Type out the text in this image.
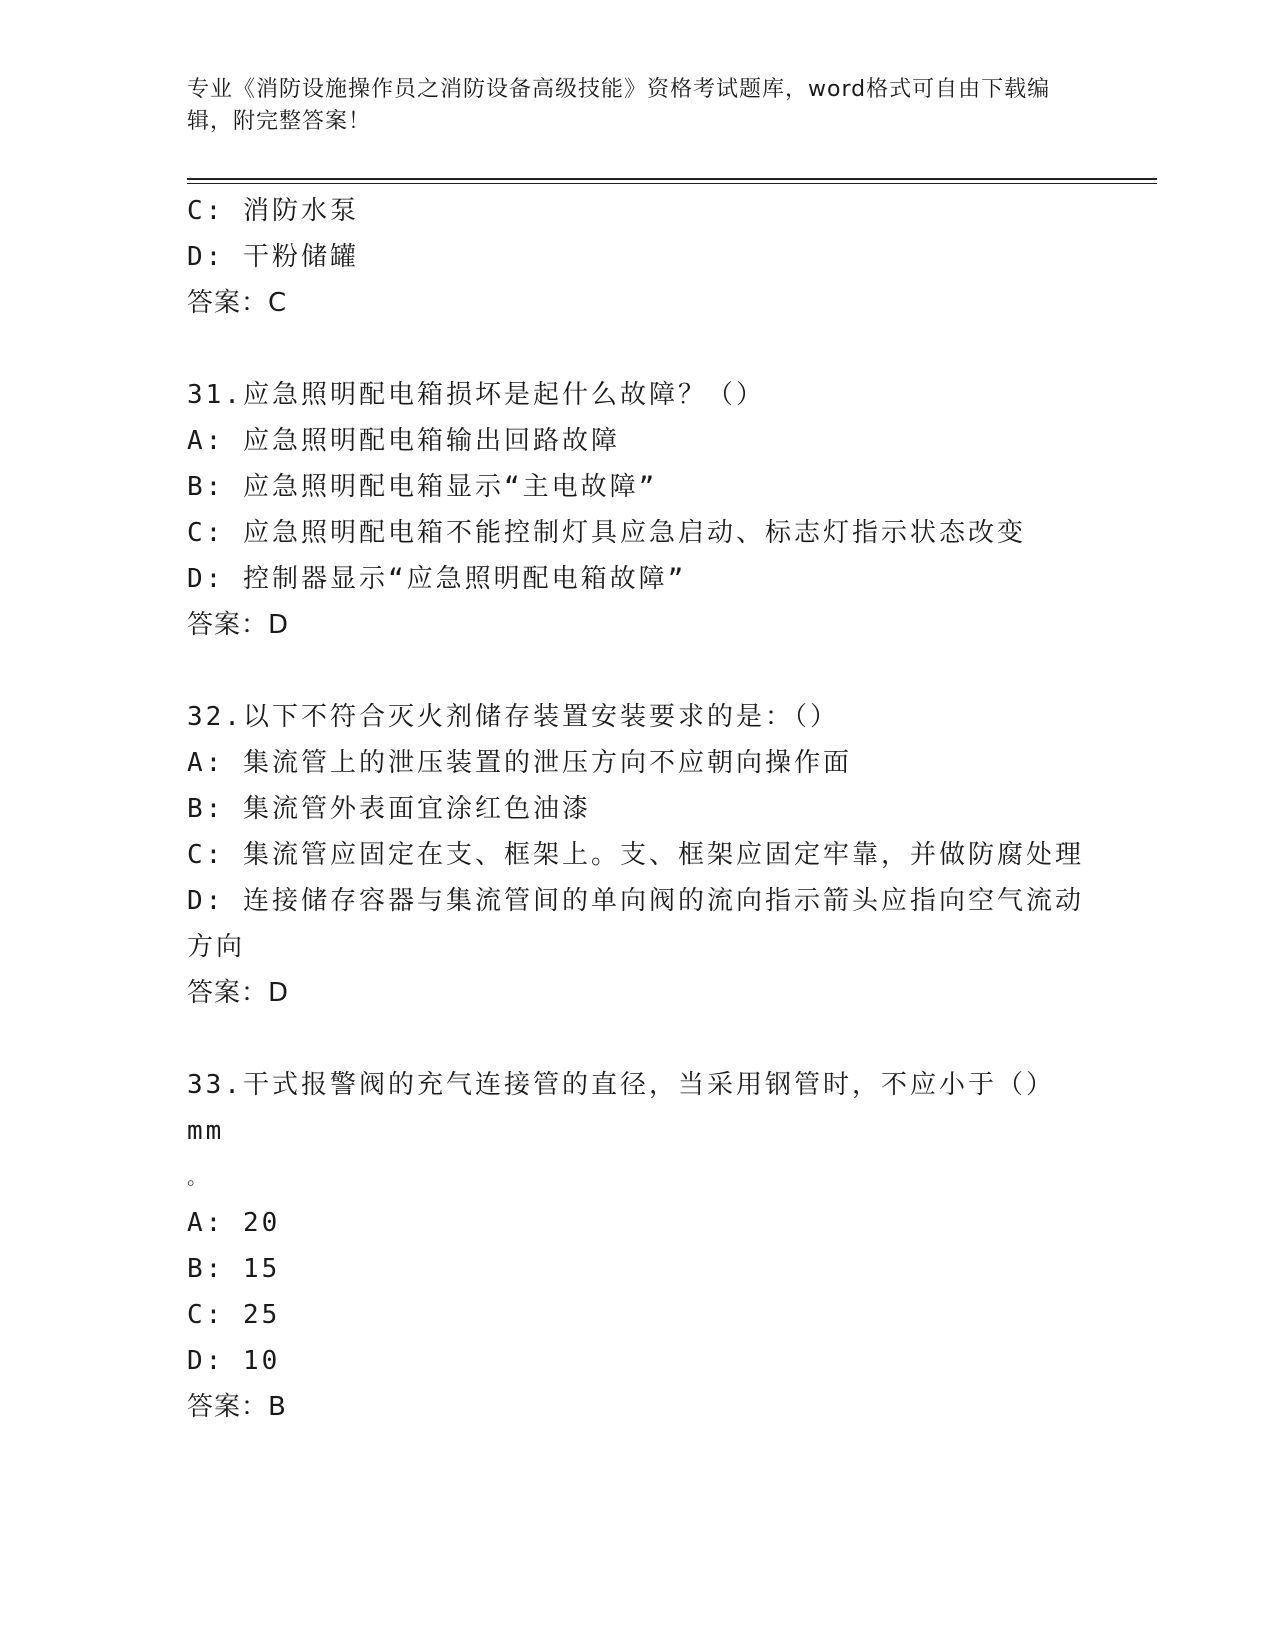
专业《消防设施操作员之消防设备高级技能》资格考试题库，word格式可自由下载编辑，附完整答案！

C: 消防水泵

D: 干粉储罐

答案：C

31.应急照明配电箱损坏是起什么故障？（）

A: 应急照明配电箱输出回路故障

B: 应急照明配电箱显示“主电故障”

C: 应急照明配电箱不能控制灯具应急启动、标志灯指示状态改变

D: 控制器显示“应急照明配电箱故障”

答案：D

32.以下不符合灭火剂储存装置安装要求的是：（）

A: 集流管上的泄压装置的泄压方向不应朝向操作面

B: 集流管外表面宜涂红色油漆

C: 集流管应固定在支、框架上。支、框架应固定牢靠，并做防腐处理

D: 连接储存容器与集流管间的单向阀的流向指示箭头应指向空气流动方向

答案：D

33.干式报警阀的充气连接管的直径，当采用钢管时，不应小于（）mm

。

A: 20

B: 15

C: 25

D: 10

答案：B
